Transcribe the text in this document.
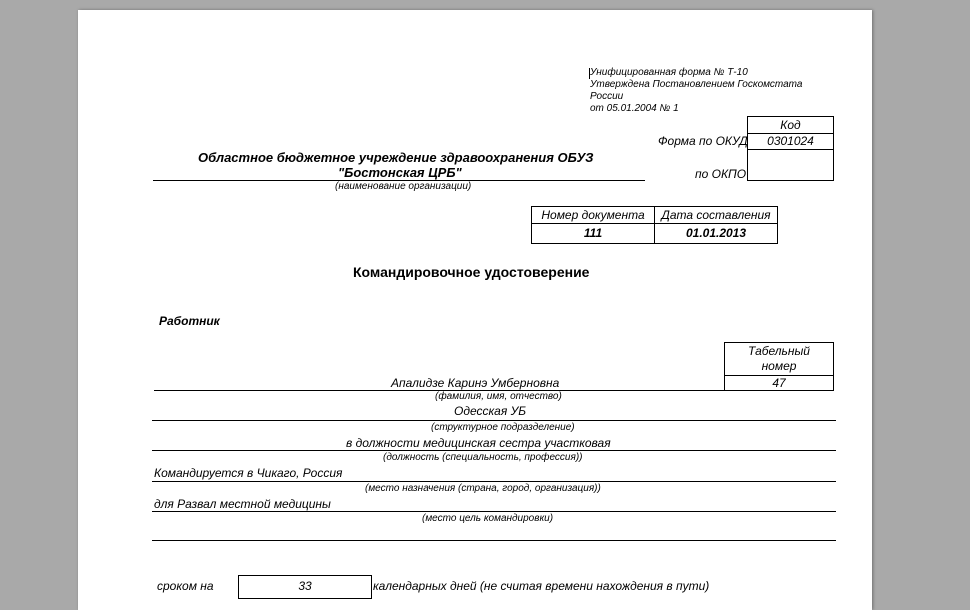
Унифицированная форма № Т-10
Утверждена Постановлением Госкомстата
России
от 05.01.2004 № 1
Код
Форма по ОКУД	0301024
по ОКПО
Областное бюджетное учреждение здравоохранения ОБУЗ
"Бостонская ЦРБ"
(наименование организации)
Номер документа	Дата составления
111	01.01.2013
Командировочное удостоверение
Работник
Табельный
номер
47
Апалидзе Каринэ Умберновна
(фамилия, имя, отчество)
Одесская УБ
(структурное подразделение)
в должности медицинская сестра участковая
(должность (специальность, профессия))
Командируется в Чикаго, Россия
(место назначения (страна, город, организация))
для Развал местной медицины
(место цель командировки)
сроком на	33	календарных дней (не считая времени нахождения в пути)
